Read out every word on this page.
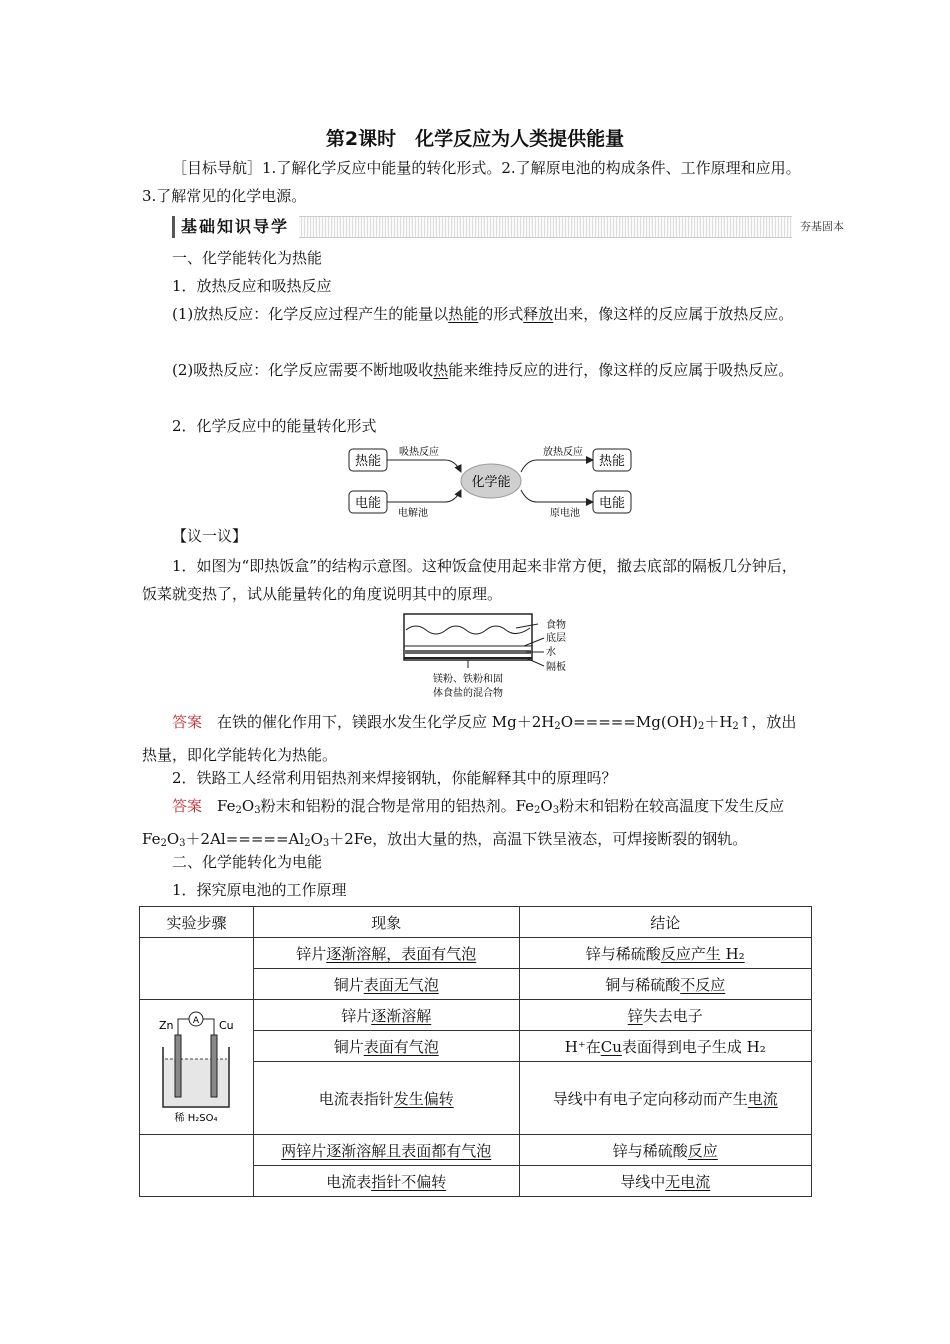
第2课时　化学反应为人类提供能量
［目标导航］1.了解化学反应中能量的转化形式。2.了解原电池的构成条件、工作原理和应用。3.了解常见的化学电源。
基础知识导学	夯基固本
一、化学能转化为热能
1．放热反应和吸热反应
(1)放热反应：化学反应过程产生的能量以热能的形式释放出来，像这样的反应属于放热反应。
(2)吸热反应：化学反应需要不断地吸收热能来维持反应的进行，像这样的反应属于吸热反应。
2．化学反应中的能量转化形式
热能
电能
化学能
热能
电能
吸热反应
电解池
放热反应
原电池
【议一议】
1．如图为“即热饭盒”的结构示意图。这种饭盒使用起来非常方便，撤去底部的隔板几分钟后，饭菜就变热了，试从能量转化的角度说明其中的原理。
食物
底层
水
隔板
镁粉、铁粉和固
体食盐的混合物
答案　 在铁的催化作用下，镁跟水发生化学反应 $Mg+2H_2O=====Mg(OH)_2+H_2↑$，放出热量，即化学能转化为热能。
2．铁路工人经常利用铝热剂来焊接钢轨，你能解释其中的原理吗？
答案　 $Fe_2O_3$粉末和铝粉的混合物是常用的铝热剂。$Fe_2O_3$粉末和铝粉在较高温度下发生反应 $Fe_2O_3+2Al=====Al_2O_3+2Fe$，放出大量的热，高温下铁呈液态，可焊接断裂的钢轨。
二、化学能转化为电能
1．探究原电池的工作原理
实验步骤	现象	结论
	锌片逐渐溶解，表面有气泡	锌与稀硫酸反应产生 H₂
	铜片表面无气泡	铜与稀硫酸不反应

Zn Cu
A
稀 H₂SO₄	锌片逐渐溶解	锌失去电子
	铜片表面有气泡	H⁺在Cu表面得到电子生成 H₂
	电流表指针发生偏转	导线中有电子定向移动而产生电流
	两锌片逐渐溶解且表面都有气泡	锌与稀硫酸反应
	电流表指针不偏转	导线中无电流
